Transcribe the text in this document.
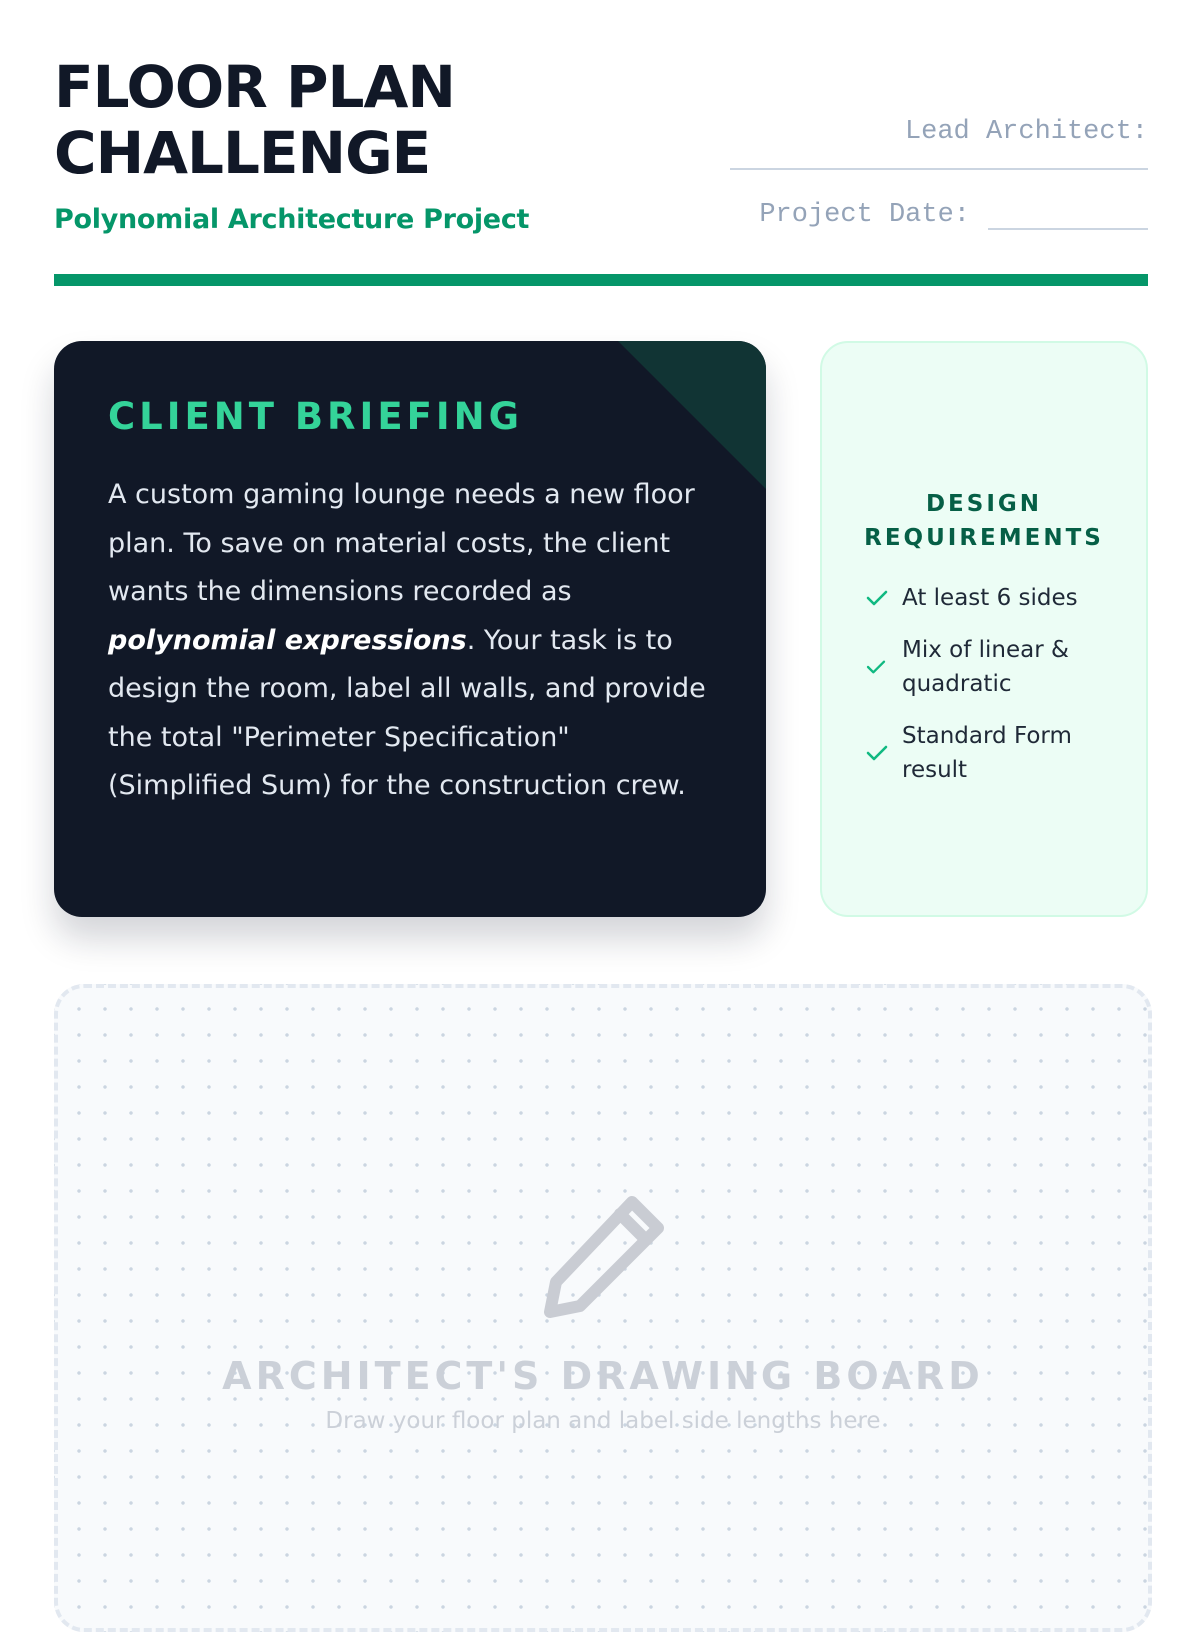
FLOOR PLAN
CHALLENGE
Polynomial Architecture Project
Lead Architect:
Project Date:
CLIENT BRIEFING

A custom gaming lounge needs a new floor plan. To save on material costs, the client wants the dimensions recorded as polynomial expressions. Your task is to design the room, label all walls, and provide the total "Perimeter Specification" (Simplified Sum) for the construction crew.

DESIGN REQUIREMENTS
At least 6 sides
Mix of linear & quadratic
Standard Form result
ARCHITECT'S DRAWING BOARD
Draw your floor plan and label side lengths here
